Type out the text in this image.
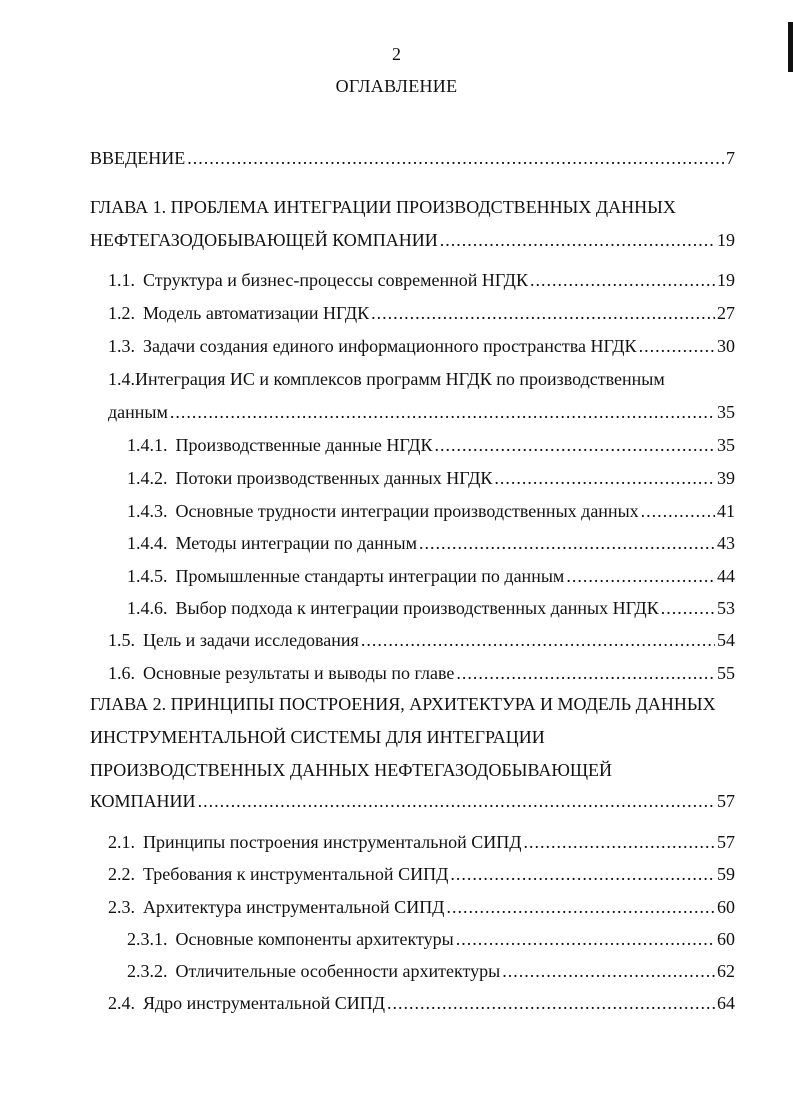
2
ОГЛАВЛЕНИЕ
ВВЕДЕНИЕ .....	7
ГЛАВА 1. ПРОБЛЕМА ИНТЕГРАЦИИ ПРОИЗВОДСТВЕННЫХ ДАННЫХ
НЕФТЕГАЗОДОБЫВАЮЩЕЙ КОМПАНИИ .....	19
1.1. Структура и бизнес-процессы современной НГДК .....	19
1.2. Модель автоматизации НГДК .....	27
1.3. Задачи создания единого информационного пространства НГДК .....	30
1.4.Интеграция ИС и комплексов программ НГДК по производственным
данным .....	35
1.4.1. Производственные данные НГДК .....	35
1.4.2. Потоки производственных данных НГДК .....	39
1.4.3. Основные трудности интеграции производственных данных .....	41
1.4.4. Методы интеграции по данным .....	43
1.4.5. Промышленные стандарты интеграции по данным .....	44
1.4.6. Выбор подхода к интеграции производственных данных НГДК .....	53
1.5. Цель и задачи исследования .....	54
1.6. Основные результаты и выводы по главе .....	55
ГЛАВА 2. ПРИНЦИПЫ ПОСТРОЕНИЯ, АРХИТЕКТУРА И МОДЕЛЬ ДАННЫХ
ИНСТРУМЕНТАЛЬНОЙ СИСТЕМЫ ДЛЯ ИНТЕГРАЦИИ
ПРОИЗВОДСТВЕННЫХ ДАННЫХ НЕФТЕГАЗОДОБЫВАЮЩЕЙ
КОМПАНИИ .....	57
2.1. Принципы построения инструментальной СИПД .....	57
2.2. Требования к инструментальной СИПД .....	59
2.3. Архитектура инструментальной СИПД .....	60
2.3.1. Основные компоненты архитектуры .....	60
2.3.2. Отличительные особенности архитектуры .....	62
2.4. Ядро инструментальной СИПД .....	64
